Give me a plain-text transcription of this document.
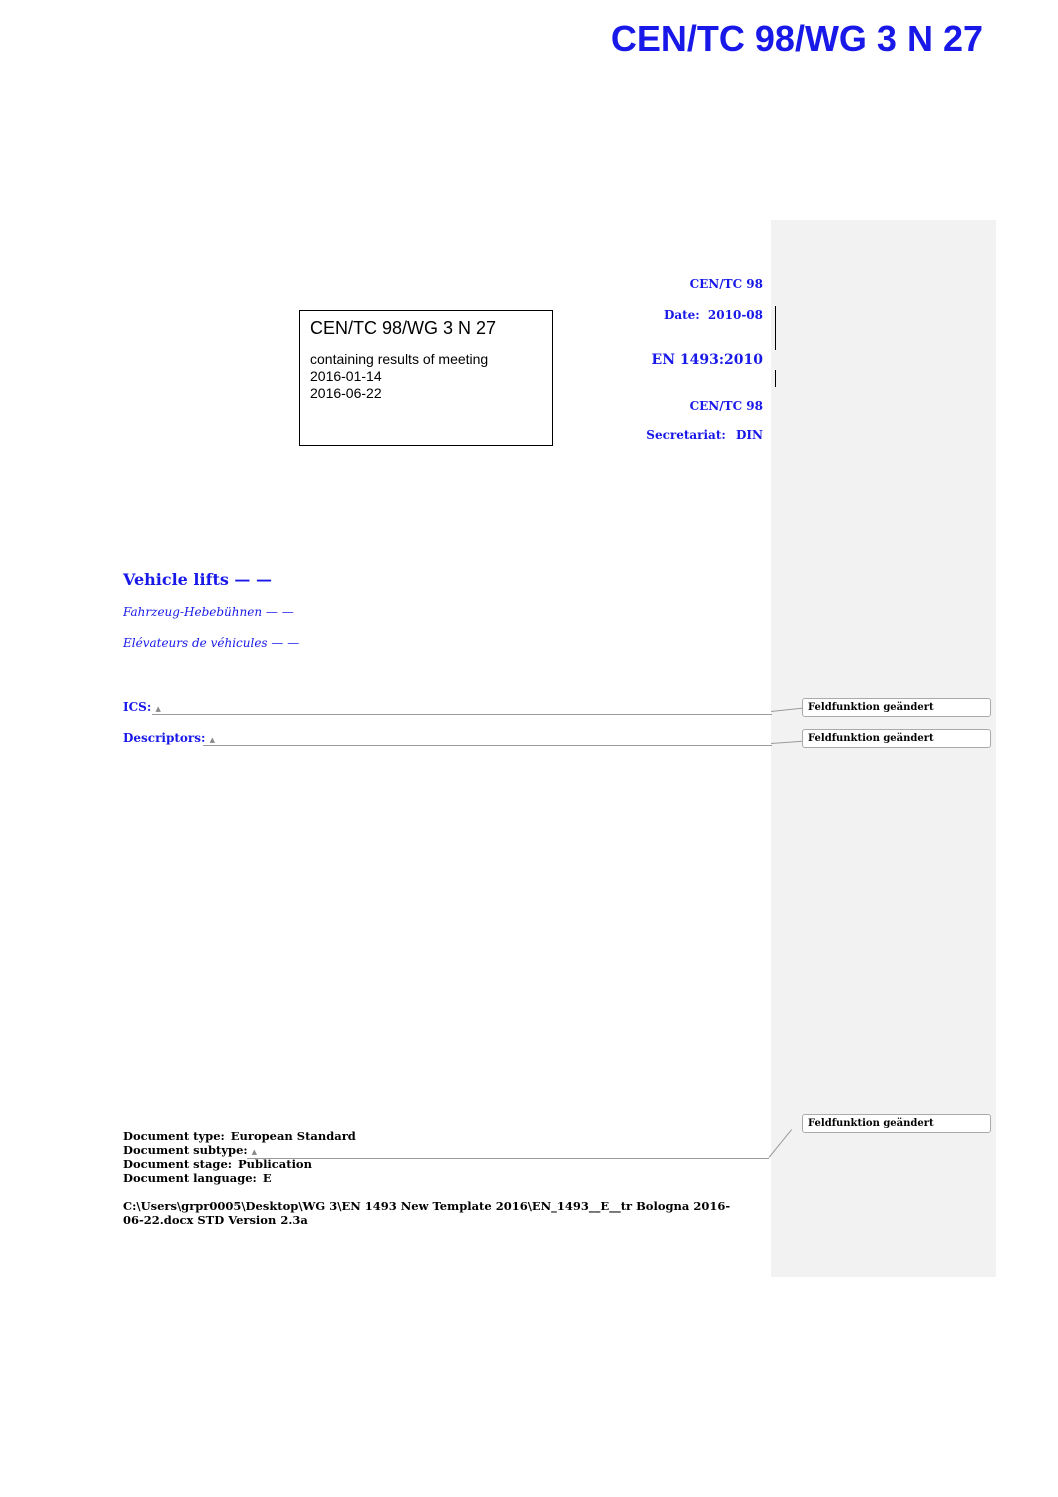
CEN/TC 98/WG 3 N 27
CEN/TC 98/WG 3 N 27
containing results of meeting
2016-01-14
2016-06-22
CEN/TC 98
Date: 2010-08
EN 1493:2010
CEN/TC 98
Secretariat: DIN
Vehicle lifts — —
Fahrzeug-Hebebühnen — —
Elévateurs de véhicules — —
ICS: ▲	Feldfunktion geändert
Descriptors: ▲	Feldfunktion geändert
Feldfunktion geändert
Document type: European Standard
Document subtype: ▲
Document stage: Publication
Document language: E
C:\Users\grpr0005\Desktop\WG 3\EN 1493 New Template 2016\EN_1493__E__tr Bologna 2016-06-22.docx STD Version 2.3a
